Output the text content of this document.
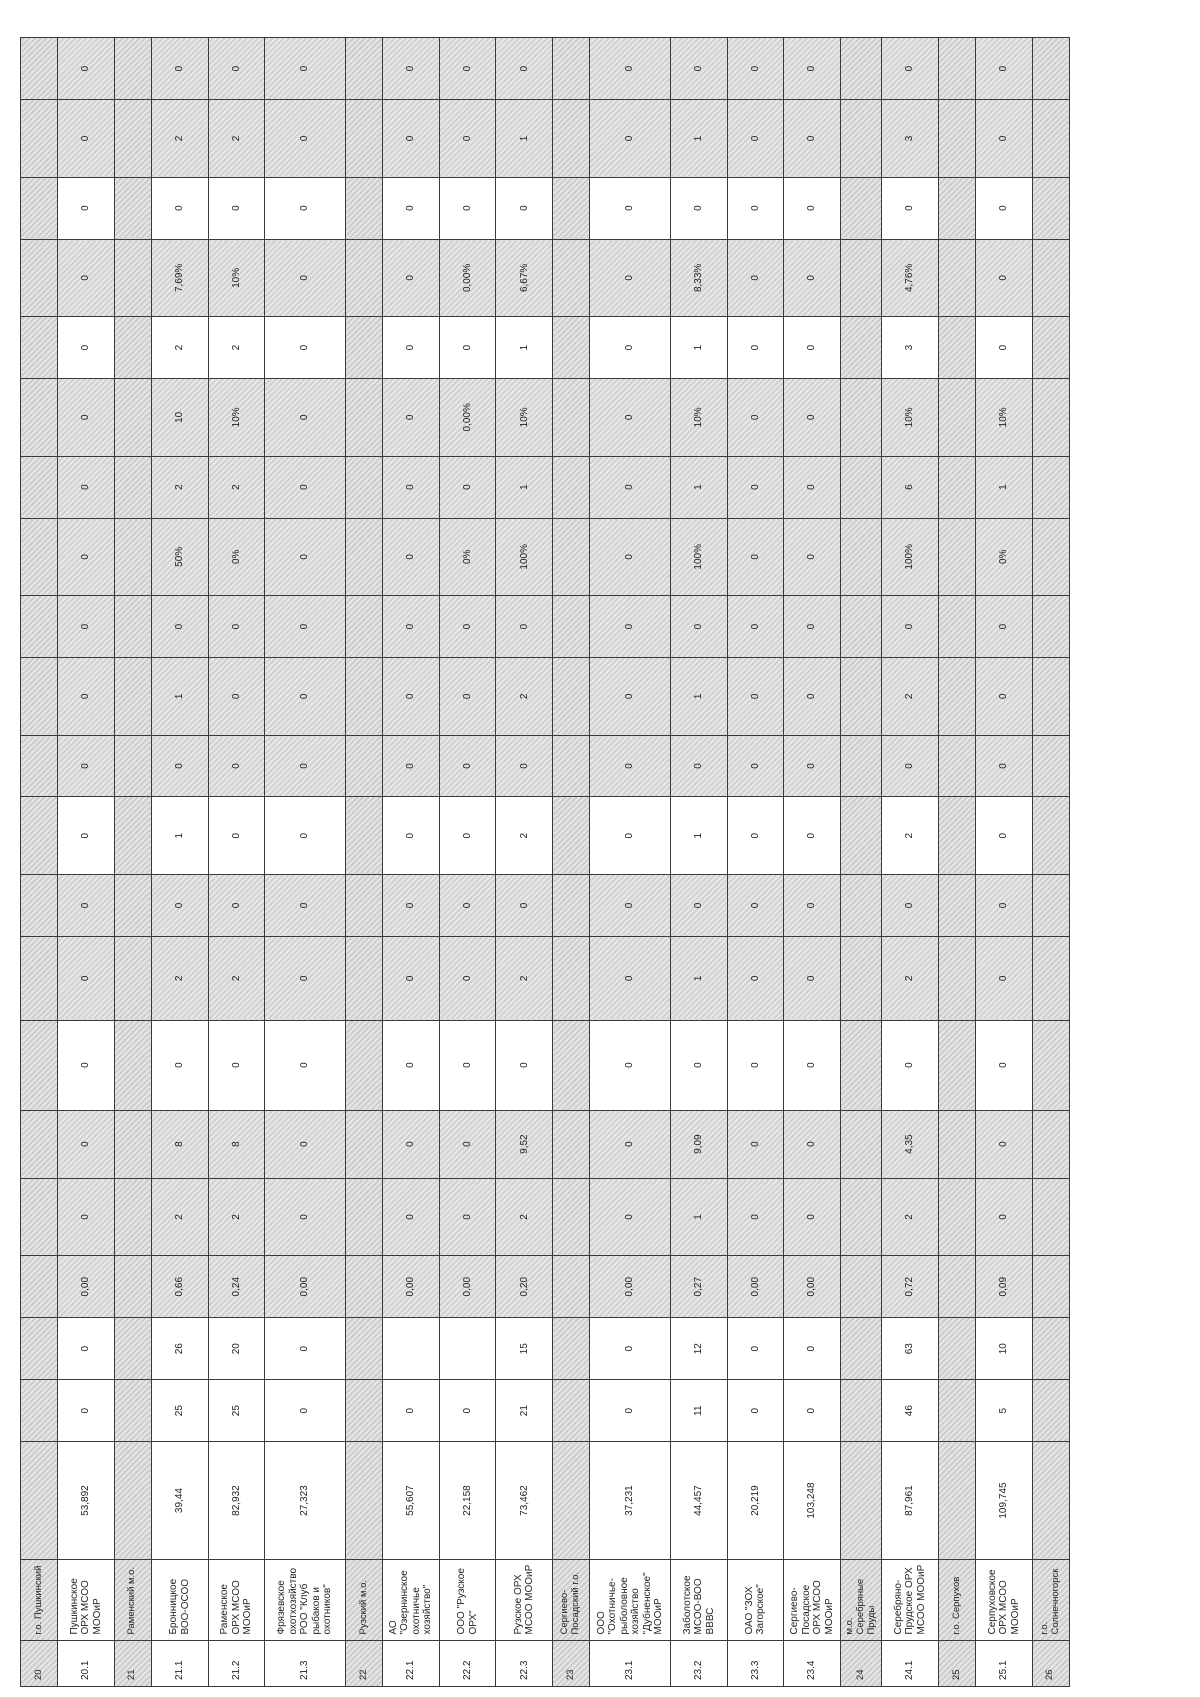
20	г.о. Пушкинский																					
20.1	Пушкинское ОРХ МСОО МООиР	53,892	0	0	0,00	0	0	0	0	0	0	0	0	0	0	0	0	0	0	0	0	0
21	Раменский м.о.																					
21.1	Бронницкое ВОО-ОСОО	39,44	25	26	0,66	2	8	0	2	0	1	0	1	0	50%	2	10	2	7,69%	0	2	0
21.2	Раменское ОРХ МСОО МООиР	82,932	25	20	0,24	2	8	0	2	0	0	0	0	0	0%	2	10%	2	10%	0	2	0
21.3	Фрязевское охотхозяйство РОО "Клуб рыбаков и охотников"	27,323	0	0	0,00	0	0	0	0	0	0	0	0	0	0	0	0	0	0	0	0	0
22	Рузский м.о.																					
22.1	АО "Озернинское охотничье хозяйство"	55,607	0		0,00	0	0	0	0	0	0	0	0	0	0	0	0	0	0	0	0	0
22.2	ООО "Рузское ОРХ"	22,158	0		0,00	0	0	0	0	0	0	0	0	0	0%	0	0,00%	0	0,00%	0	0	0
22.3	Рузское ОРХ МСОО МООиР	73,462	21	15	0,20	2	9,52	0	2	0	2	0	2	0	100%	1	10%	1	6,67%	0	1	0
23	Сергиево-Посадский г.о.																					
23.1	ООО "Охотничье-рыболовное хозяйство "Дубненское" МООиР	37,231	0	0	0,00	0	0	0	0	0	0	0	0	0	0	0	0	0	0	0	0	0
23.2	Заболотское МСОО-ВОО ВВВС	44,457	11	12	0,27	1	9,09	0	1	0	1	0	1	0	100%	1	10%	1	8,33%	0	1	0
23.3	ОАО "ЗОХ Загорское"	20,219	0	0	0,00	0	0	0	0	0	0	0	0	0	0	0	0	0	0	0	0	0
23.4	Сергиево-Посадское ОРХ МСОО МООиР	103,248	0	0	0,00	0	0	0	0	0	0	0	0	0	0	0	0	0	0	0	0	0
24	м.о. Серебряные Пруды																					
24.1	Серебряно-Прудское ОРХ МСОО МООиР	87,961	46	63	0,72	2	4,35	0	2	0	2	0	2	0	100%	6	10%	3	4,76%	0	3	0
25	г.о. Серпухов																					
25.1	Серпуховское ОРХ МСОО МООиР	109,745	5	10	0,09	0	0	0	0	0	0	0	0	0	0%	1	10%	0	0	0	0	0
26	г.о. Солнечногорск																					
